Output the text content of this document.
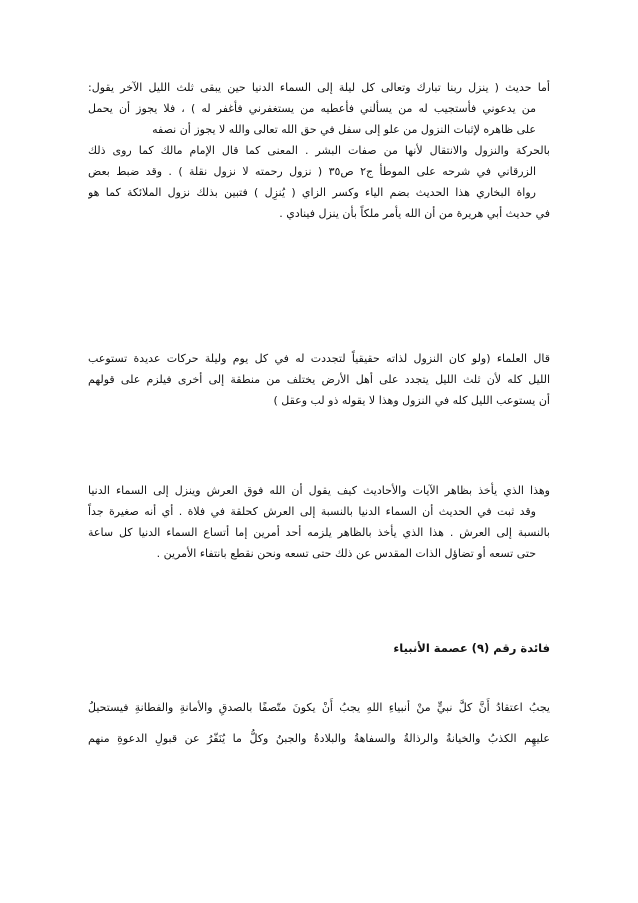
أما حديث ( ينزل ربنا تبارك وتعالى كل ليلة إلى السماء الدنيا حين يبقى ثلث الليل الآخر يقول:
من يدعوني فأستجيب له من يسألني فأعطيه من يستغفرني فأغفر له ) ، فلا يجوز أن يحمل
على ظاهره لإثبات النزول من علو إلى سفل في حق الله تعالى والله لا يجوز أن نصفه
بالحركة والنزول والانتقال لأنها من صفات البشر . المعنى كما قال الإمام مالك كما روى ذلك
الزرقاني في شرحه على الموطأ ج٢ ص٣٥ ( نزول رحمته لا نزول نقلة ) . وقد ضبط بعض
رواة البخاري هذا الحديث بضم الياء وكسر الزاي ( يُنزِل ) فتبين بذلك نزول الملائكة كما هو
في حديث أبي هريرة من أن الله يأمر ملكاً بأن ينزل فينادي .
قال العلماء (ولو كان النزول لذاته حقيقياً لتجددت له في كل يوم وليلة حركات عديدة تستوعب
الليل كله لأن ثلث الليل يتجدد على أهل الأرض يختلف من منطقة إلى أخرى فيلزم على قولهم
أن يستوعب الليل كله في النزول وهذا لا يقوله ذو لب وعقل )
وهذا الذي يأخذ بظاهر الآيات والأحاديث كيف يقول أن الله فوق العرش وينزل إلى السماء الدنيا
وقد ثبت في الحديث أن السماء الدنيا بالنسبة إلى العرش كحلقة في فلاة . أي أنه صغيرة جداً
بالنسبة إلى العرش . هذا الذي يأخذ بالظاهر يلزمه أحد أمرين إما أتساع السماء الدنيا كل ساعة
حتى تسعه أو تضاؤل الذات المقدس عن ذلك حتى تسعه ونحن نقطع بانتفاء الأمرين .
فائدة رقم (٩) عصمة الأنبياء
يجبُ اعتقادُ أَنَّ كلَّ نبيٍّ منْ أنبياءِ اللهِ يجبُ أَنْ يكونَ متّصفًا بالصدقِ والأمانةِ والفطانةِ فيستحيلُ
عليهِم الكذبُ والخيانةُ والرذالةُ والسفاهةُ والبلادةُ والجبنُ وكلُّ ما يُنَفّرُ عن قبولِ الدعوةِ منهم
